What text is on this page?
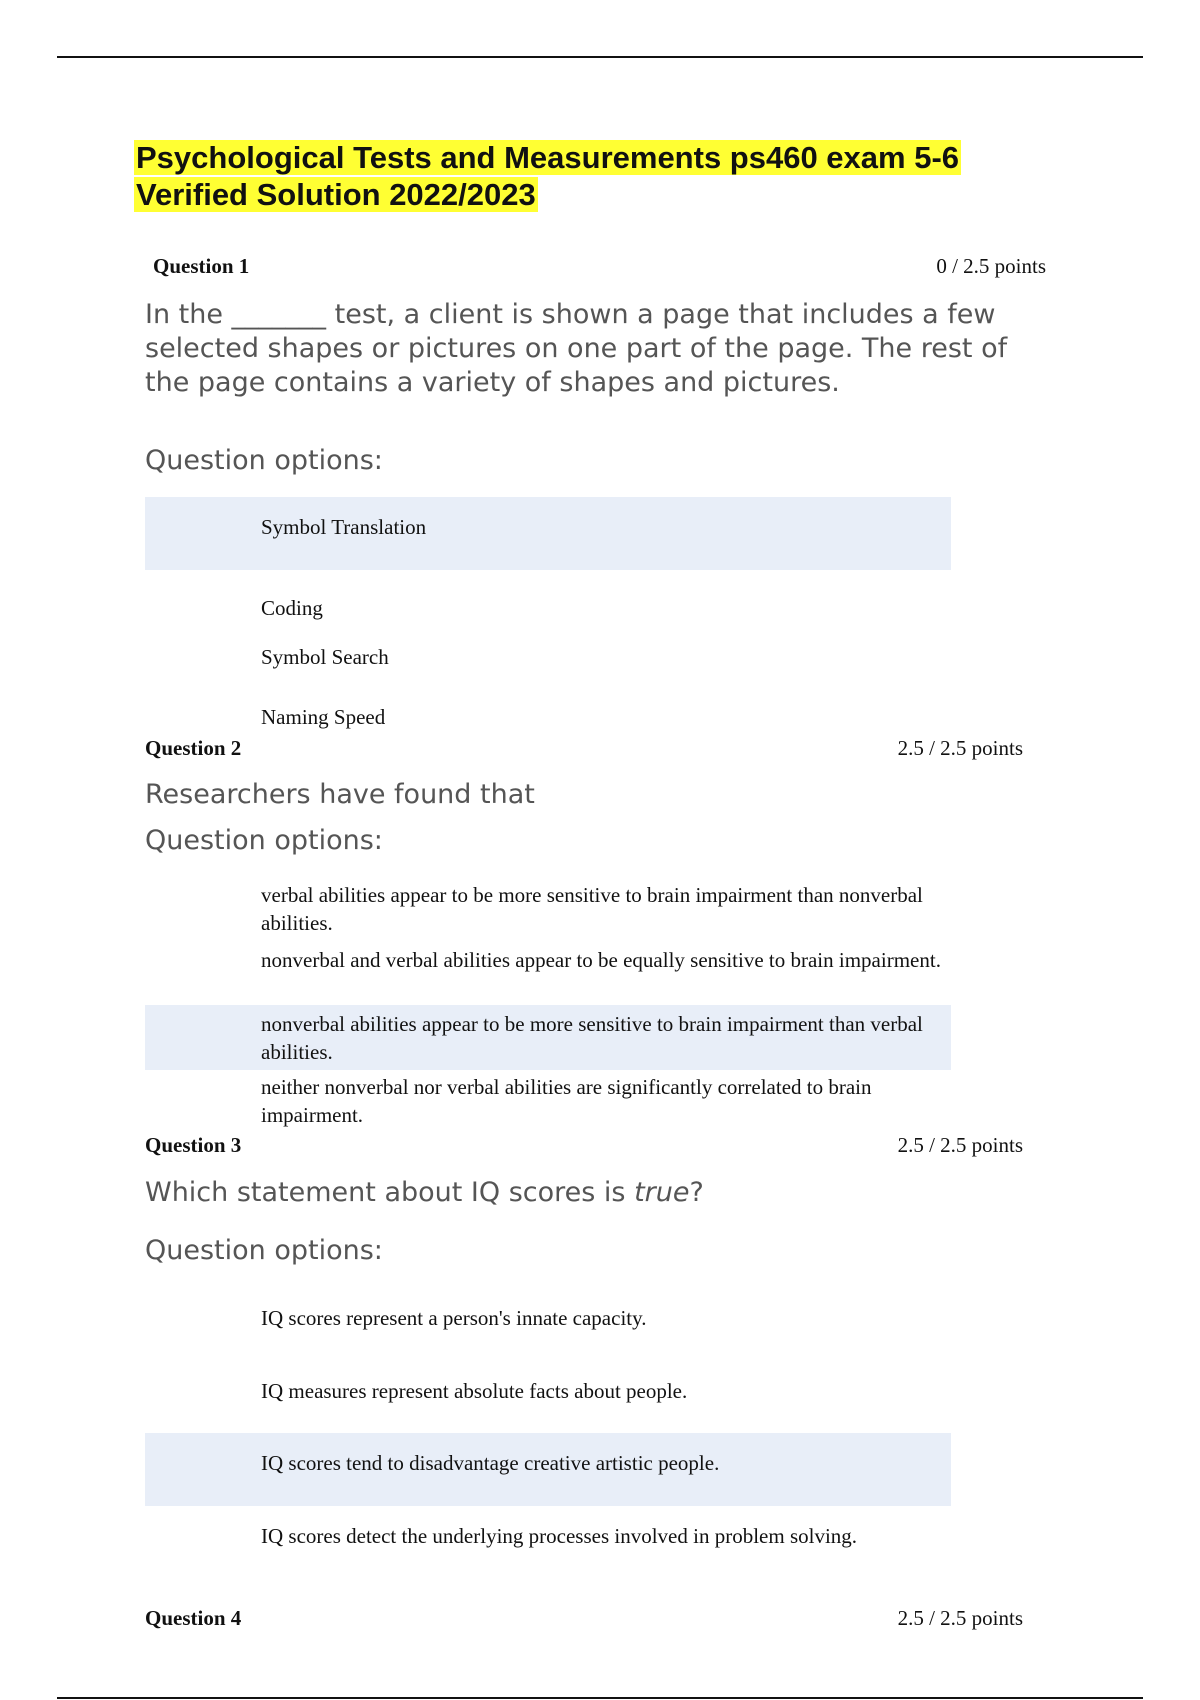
Psychological Tests and Measurements ps460 exam 5-6 Verified Solution 2022/2023
Question 1	0 / 2.5 points
In the _______ test, a client is shown a page that includes a few selected shapes or pictures on one part of the page. The rest of the page contains a variety of shapes and pictures.
Question options:
Symbol Translation
Coding
Symbol Search
Naming Speed
Question 2	2.5 / 2.5 points
Researchers have found that
Question options:
verbal abilities appear to be more sensitive to brain impairment than nonverbal abilities.
nonverbal and verbal abilities appear to be equally sensitive to brain impairment.
nonverbal abilities appear to be more sensitive to brain impairment than verbal abilities.
neither nonverbal nor verbal abilities are significantly correlated to brain impairment.
Question 3	2.5 / 2.5 points
Which statement about IQ scores is true?
Question options:
IQ scores represent a person's innate capacity.
IQ measures represent absolute facts about people.
IQ scores tend to disadvantage creative artistic people.
IQ scores detect the underlying processes involved in problem solving.
Question 4	2.5 / 2.5 points
